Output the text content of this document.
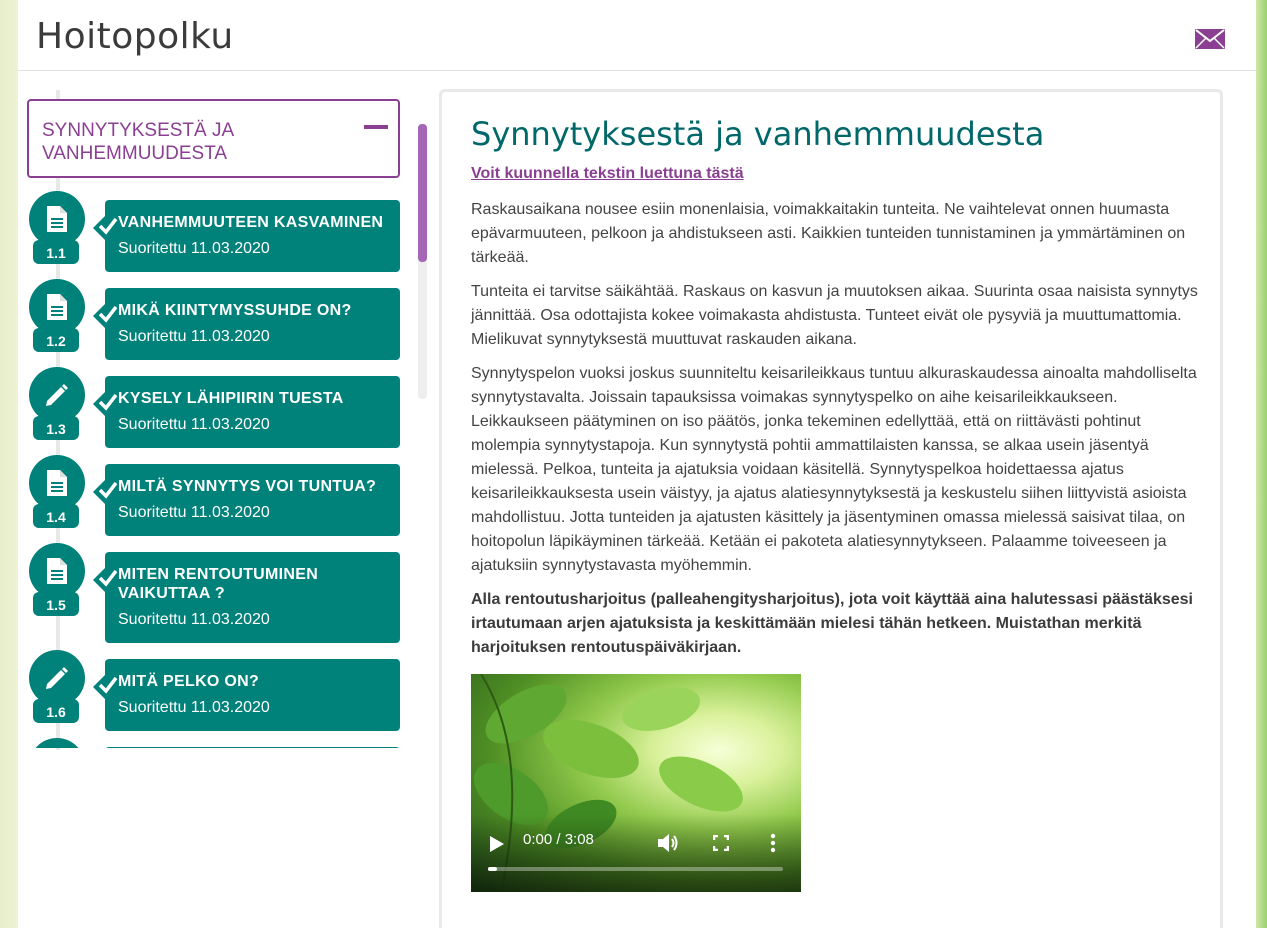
Hoitopolku
SYNNYTYKSESTÄ JA VANHEMMUUDESTA
1.1
VANHEMMUUTEEN KASVAMINEN
Suoritettu 11.03.2020
1.2
MIKÄ KIINTYMYSSUHDE ON?
Suoritettu 11.03.2020
1.3
KYSELY LÄHIPIIRIN TUESTA
Suoritettu 11.03.2020
1.4
MILTÄ SYNNYTYS VOI TUNTUA?
Suoritettu 11.03.2020
1.5
MITEN RENTOUTUMINEN VAIKUTTAA ?
Suoritettu 11.03.2020
1.6
MITÄ PELKO ON?
Suoritettu 11.03.2020
Synnytyksestä ja vanhemmuudesta
Voit kuunnella tekstin luettuna tästä

Raskausaikana nousee esiin monenlaisia, voimakkaitakin tunteita. Ne vaihtelevat onnen huumasta epävarmuuteen, pelkoon ja ahdistukseen asti. Kaikkien tunteiden tunnistaminen ja ymmärtäminen on tärkeää.

Tunteita ei tarvitse säikähtää. Raskaus on kasvun ja muutoksen aikaa. Suurinta osaa naisista synnytys jännittää. Osa odottajista kokee voimakasta ahdistusta. Tunteet eivät ole pysyviä ja muuttumattomia. Mielikuvat synnytyksestä muuttuvat raskauden aikana.

Synnytyspelon vuoksi joskus suunniteltu keisarileikkaus tuntuu alkuraskaudessa ainoalta mahdolliselta synnytystavalta. Joissain tapauksissa voimakas synnytyspelko on aihe keisarileikkaukseen. Leikkaukseen päätyminen on iso päätös, jonka tekeminen edellyttää, että on riittävästi pohtinut molempia synnytystapoja. Kun synnytystä pohtii ammattilaisten kanssa, se alkaa usein jäsentyä mielessä. Pelkoa, tunteita ja ajatuksia voidaan käsitellä. Synnytyspelkoa hoidettaessa ajatus keisarileikkauksesta usein väistyy, ja ajatus alatiesynnytyksestä ja keskustelu siihen liittyvistä asioista mahdollistuu. Jotta tunteiden ja ajatusten käsittely ja jäsentyminen omassa mielessä saisivat tilaa, on hoitopolun läpikäyminen tärkeää. Ketään ei pakoteta alatiesynnytykseen. Palaamme toiveeseen ja ajatuksiin synnytystavasta myöhemmin.

Alla rentoutusharjoitus (palleahengitysharjoitus), jota voit käyttää aina halutessasi päästäksesi irtautumaan arjen ajatuksista ja keskittämään mielesi tähän hetkeen. Muistathan merkitä harjoituksen rentoutuspäiväkirjaan.

0:00 / 3:08
